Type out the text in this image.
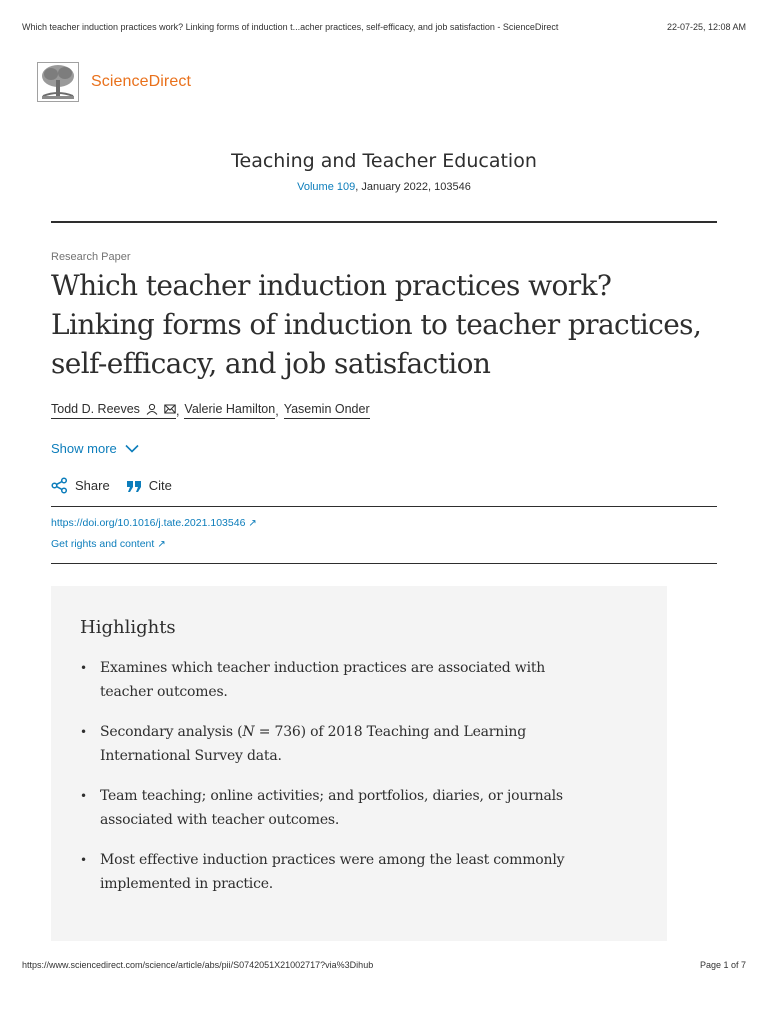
Which teacher induction practices work? Linking forms of induction t...acher practices, self-efficacy, and job satisfaction - ScienceDirect	22-07-25, 12:08 AM
ScienceDirect
Teaching and Teacher Education
Volume 109, January 2022, 103546
Research Paper
Which teacher induction practices work? Linking forms of induction to teacher practices, self-efficacy, and job satisfaction
Todd D. Reeves	, Valerie Hamilton , Yasemin Onder
Show more
Share	Cite
https://doi.org/10.1016/j.tate.2021.103546 ↗
Get rights and content ↗
Highlights
• Examines which teacher induction practices are associated with teacher outcomes.
• Secondary analysis (N = 736) of 2018 Teaching and Learning International Survey data.
• Team teaching; online activities; and portfolios, diaries, or journals associated with teacher outcomes.
• Most effective induction practices were among the least commonly implemented in practice.
https://www.sciencedirect.com/science/article/abs/pii/S0742051X21002717?via%3Dihub	Page 1 of 7
